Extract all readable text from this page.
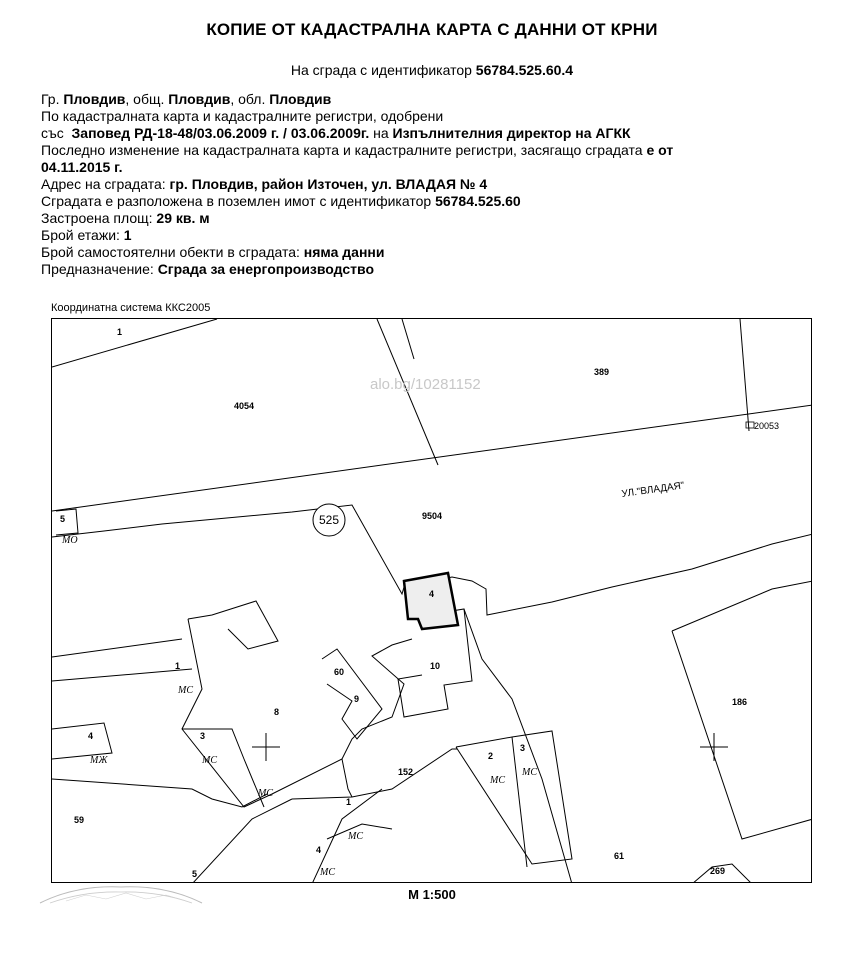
КОПИЕ ОТ КАДАСТРАЛНА КАРТА С ДАННИ ОТ КРНИ
На сграда с идентификатор 56784.525.60.4
Гр. Пловдив, общ. Пловдив, обл. Пловдив
По кадастралната карта и кадастралните регистри, одобрени
със  Заповед РД-18-48/03.06.2009 г. / 03.06.2009г. на Изпълнителния директор на АГКК
Последно изменение на кадастралната карта и кадастралните регистри, засягащо сградата е от
04.11.2015 г.
Адрес на сградата: гр. Пловдив, район Източен, ул. ВЛАДАЯ № 4
Сградата е разположена в поземлен имот с идентификатор 56784.525.60
Застроена площ: 29 кв. м
Брой етажи: 1
Брой самостоятелни обекти в сградата: няма данни
Предназначение: Сграда за енергопроизводство
Координатна система ККС2005
525
alo.bg/10281152
УЛ."ВЛАДАЯ"
1
4054
389
20053
5
МО
9504
4
10
60
9
8
1
МС
4
МЖ
3
МС
МС
59
152
2
МС
3
МС
186
1
МС
4
МС
5
61
269
М 1:500
